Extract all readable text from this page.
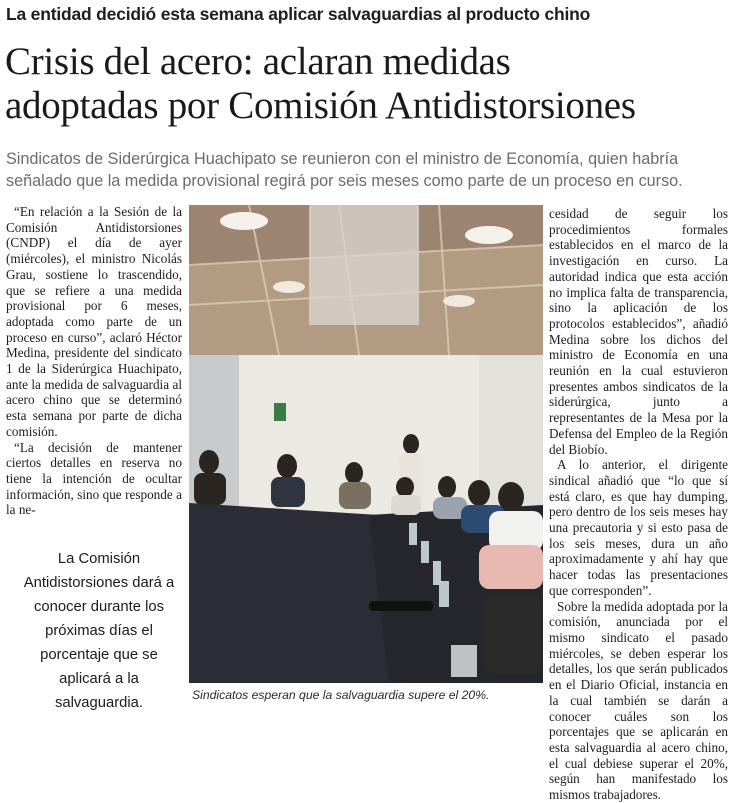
La entidad decidió esta semana aplicar salvaguardias al producto chino
Crisis del acero: aclaran medidas
adoptadas por Comisión Antidistorsiones
Sindicatos de Siderúrgica Huachipato se reunieron con el ministro de Economía, quien habría
señalado que la medida provisional regirá por seis meses como parte de un proceso en curso.

“En relación a la Sesión de la Comisión Antidistorsiones (CNDP) el día de ayer (miércoles), el ministro Nicolás Grau, sostiene lo trascendido, que se refiere a una medida provisional por 6 meses, adoptada como parte de un proceso en curso”, aclaró Héctor Medina, presidente del sindicato 1 de la Siderúrgica Huachipato, ante la medida de salvaguardia al acero chino que se determinó esta semana por parte de dicha comisión.

“La decisión de mantener ciertos detalles en reserva no tiene la intención de ocultar información, sino que responde a la ne-

La Comisión Antidistorsiones dará a conocer durante los próximas días el porcentaje que se aplicará a la salvaguardia.	Sindicatos esperan que la salvaguardia supere el 20%.

cesidad de seguir los procedimientos formales establecidos en el marco de la investigación en curso. La autoridad indica que esta acción no implica falta de transparencia, sino la aplicación de los protocolos establecidos”, añadió Medina sobre los dichos del ministro de Economía en una reunión en la cual estuvieron presentes ambos sindicatos de la siderúrgica, junto a representantes de la Mesa por la Defensa del Empleo de la Región del Biobío.

A lo anterior, el dirigente sindical añadió que “lo que sí está claro, es que hay dumping, pero dentro de los seis meses hay una precautoria y si esto pasa de los seis meses, dura un año aproximadamente y ahí hay que hacer todas las presentaciones que corresponden”.

Sobre la medida adoptada por la comisión, anunciada por el mismo sindicato el pasado miércoles, se deben esperar los detalles, los que serán publicados en el Diario Oficial, instancia en la cual también se darán a conocer cuáles son los porcentajes que se aplicarán en esta salvaguardia al acero chino, el cual debiese superar el 20%, según han manifestado los mismos trabajadores.
